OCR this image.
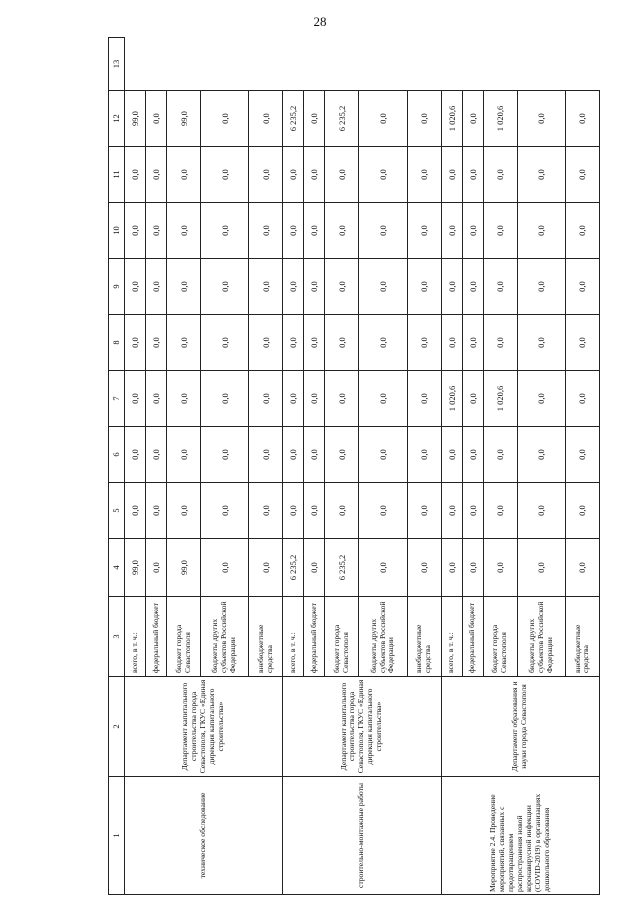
28
1	2	3	4	5	6	7	8	9	10	11	12	13
техническое обследование	Департамент капитального строительства города Севастополя, ГКУС «Единая дирекция капитального строительства»	всего, в т. ч.:	99,0	0,0	0,0	0,0	0,0	0,0	0,0	0,0	99,0	
		федеральный бюджет	0,0	0,0	0,0	0,0	0,0	0,0	0,0	0,0	0,0	
		бюджет города Севастополя	99,0	0,0	0,0	0,0	0,0	0,0	0,0	0,0	99,0	
		бюджеты других субъектов Российской Федерации	0,0	0,0	0,0	0,0	0,0	0,0	0,0	0,0	0,0	
		внебюджетные средства	0,0	0,0	0,0	0,0	0,0	0,0	0,0	0,0	0,0	
строительно-монтажные работы	Департамент капитального строительства города Севастополя, ГКУС «Единая дирекция капитального строительства»	всего, в т. ч.:	6 235,2	0,0	0,0	0,0	0,0	0,0	0,0	0,0	6 235,2	
		федеральный бюджет	0,0	0,0	0,0	0,0	0,0	0,0	0,0	0,0	0,0	
		бюджет города Севастополя	6 235,2	0,0	0,0	0,0	0,0	0,0	0,0	0,0	6 235,2	
		бюджеты других субъектов Российской Федерации	0,0	0,0	0,0	0,0	0,0	0,0	0,0	0,0	0,0	
		внебюджетные средства	0,0	0,0	0,0	0,0	0,0	0,0	0,0	0,0	0,0	
Мероприятие 2.4. Проведение мероприятий, связанных с предотвращением распространения новой коронавирусной инфекции (COVID-2019) в организациях дошкольного образования	Департамент образования и науки города Севастополя	всего, в т. ч.:	0,0	0,0	0,0	1 020,6	0,0	0,0	0,0	0,0	1 020,6	
		федеральный бюджет	0,0	0,0	0,0	0,0	0,0	0,0	0,0	0,0	0,0	
		бюджет города Севастополя	0,0	0,0	0,0	1 020,6	0,0	0,0	0,0	0,0	1 020,6	
		бюджеты других субъектов Российской Федерации	0,0	0,0	0,0	0,0	0,0	0,0	0,0	0,0	0,0	
		внебюджетные средства	0,0	0,0	0,0	0,0	0,0	0,0	0,0	0,0	0,0	
